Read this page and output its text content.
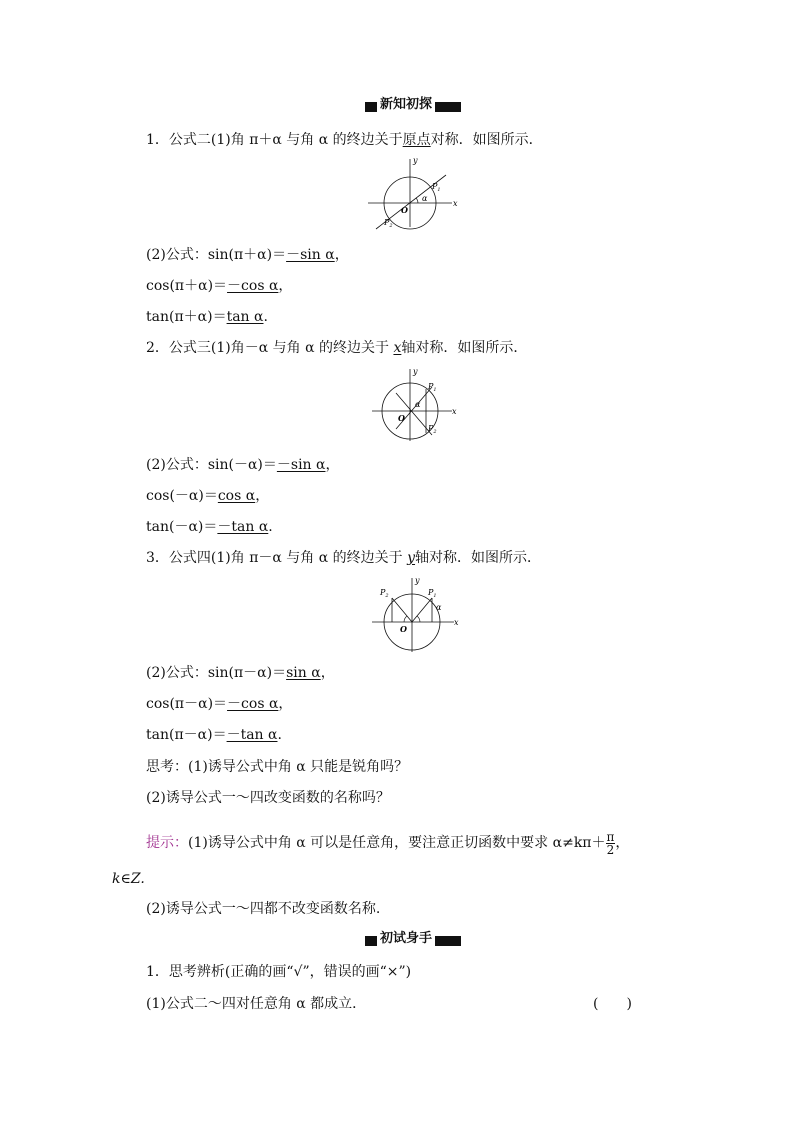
新知初探
1．公式二(1)角 π＋α 与角 α 的终边关于原点对称．如图所示．
y
x
O
α
$P_1$
$P_2$
(2)公式：sin(π＋α)＝－sin α，
cos(π＋α)＝－cos α，
tan(π＋α)＝tan α.
2．公式三(1)角－α 与角 α 的终边关于 x轴对称．如图所示．
y
x
O
α
$P_1$
$P_2$
(2)公式：sin(－α)＝－sin α，
cos(－α)＝cos α，
tan(－α)＝－tan α.
3．公式四(1)角 π－α 与角 α 的终边关于 y轴对称．如图所示．
y
x
O
α
$P_1$
$P_2$
(2)公式：sin(π－α)＝sin α，
cos(π－α)＝－cos α，
tan(π－α)＝－tan α.
思考：(1)诱导公式中角 α 只能是锐角吗？
(2)诱导公式一～四改变函数的名称吗？
提示：(1)诱导公式中角 α 可以是任意角，要注意正切函数中要求 $\alpha\ne k\pi+ \frac{\pi}{2}$ ，
k∈Z.
(2)诱导公式一～四都不改变函数名称.
初试身手
1．思考辨析(正确的画“√”，错误的画“×”)
(1)公式二～四对任意角 α 都成立．	(　　)
